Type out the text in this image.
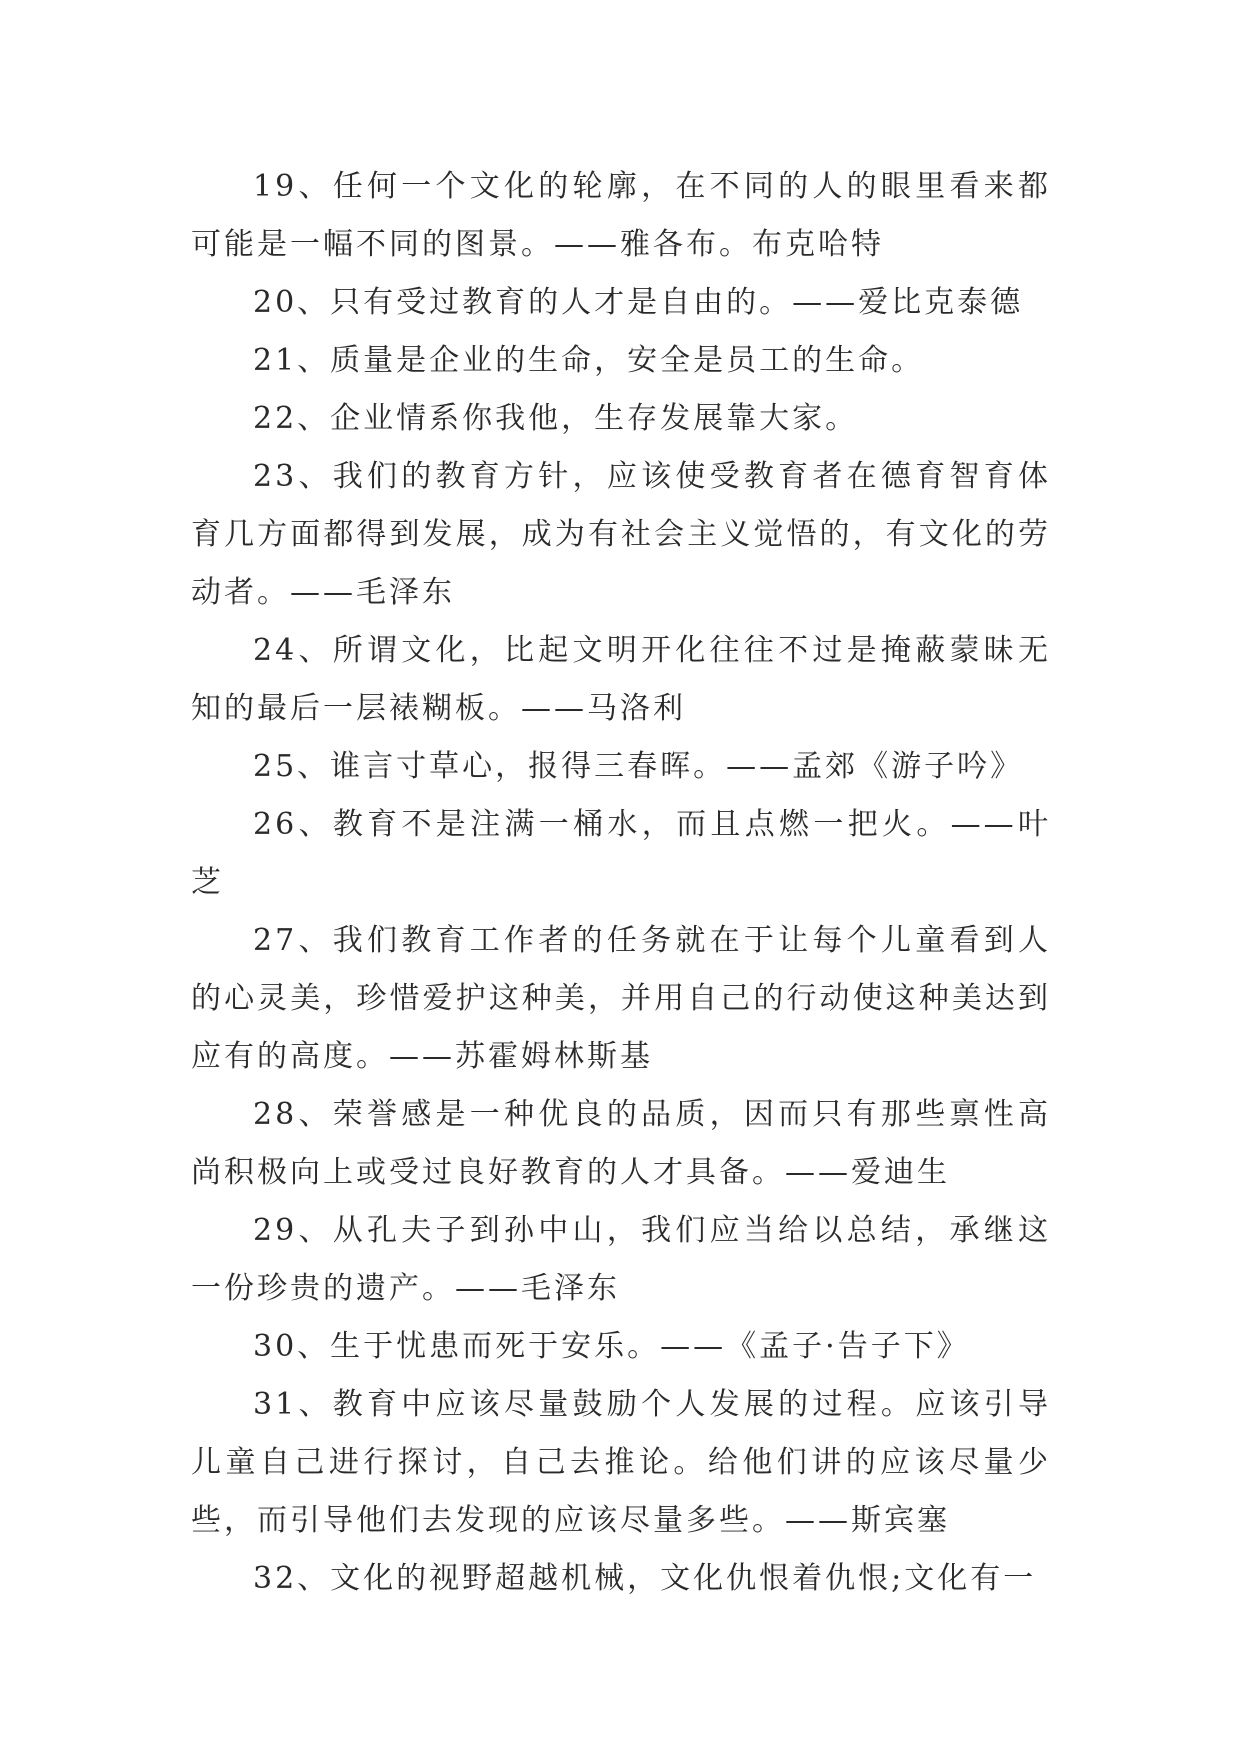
19、任何一个文化的轮廓，在不同的人的眼里看来都可能是一幅不同的图景。——雅各布。布克哈特

20、只有受过教育的人才是自由的。——爱比克泰德

21、质量是企业的生命，安全是员工的生命。

22、企业情系你我他，生存发展靠大家。

23、我们的教育方针，应该使受教育者在德育智育体育几方面都得到发展，成为有社会主义觉悟的，有文化的劳动者。——毛泽东

24、所谓文化，比起文明开化往往不过是掩蔽蒙昧无知的最后一层裱糊板。——马洛利

25、谁言寸草心，报得三春晖。——孟郊《游子吟》

26、教育不是注满一桶水，而且点燃一把火。——叶芝

27、我们教育工作者的任务就在于让每个儿童看到人的心灵美，珍惜爱护这种美，并用自己的行动使这种美达到应有的高度。——苏霍姆林斯基

28、荣誉感是一种优良的品质，因而只有那些禀性高尚积极向上或受过良好教育的人才具备。——爱迪生

29、从孔夫子到孙中山，我们应当给以总结，承继这一份珍贵的遗产。——毛泽东

30、生于忧患而死于安乐。——《孟子·告子下》

31、教育中应该尽量鼓励个人发展的过程。应该引导儿童自己进行探讨，自己去推论。给他们讲的应该尽量少些，而引导他们去发现的应该尽量多些。——斯宾塞

32、文化的视野超越机械，文化仇恨着仇恨;文化有一
